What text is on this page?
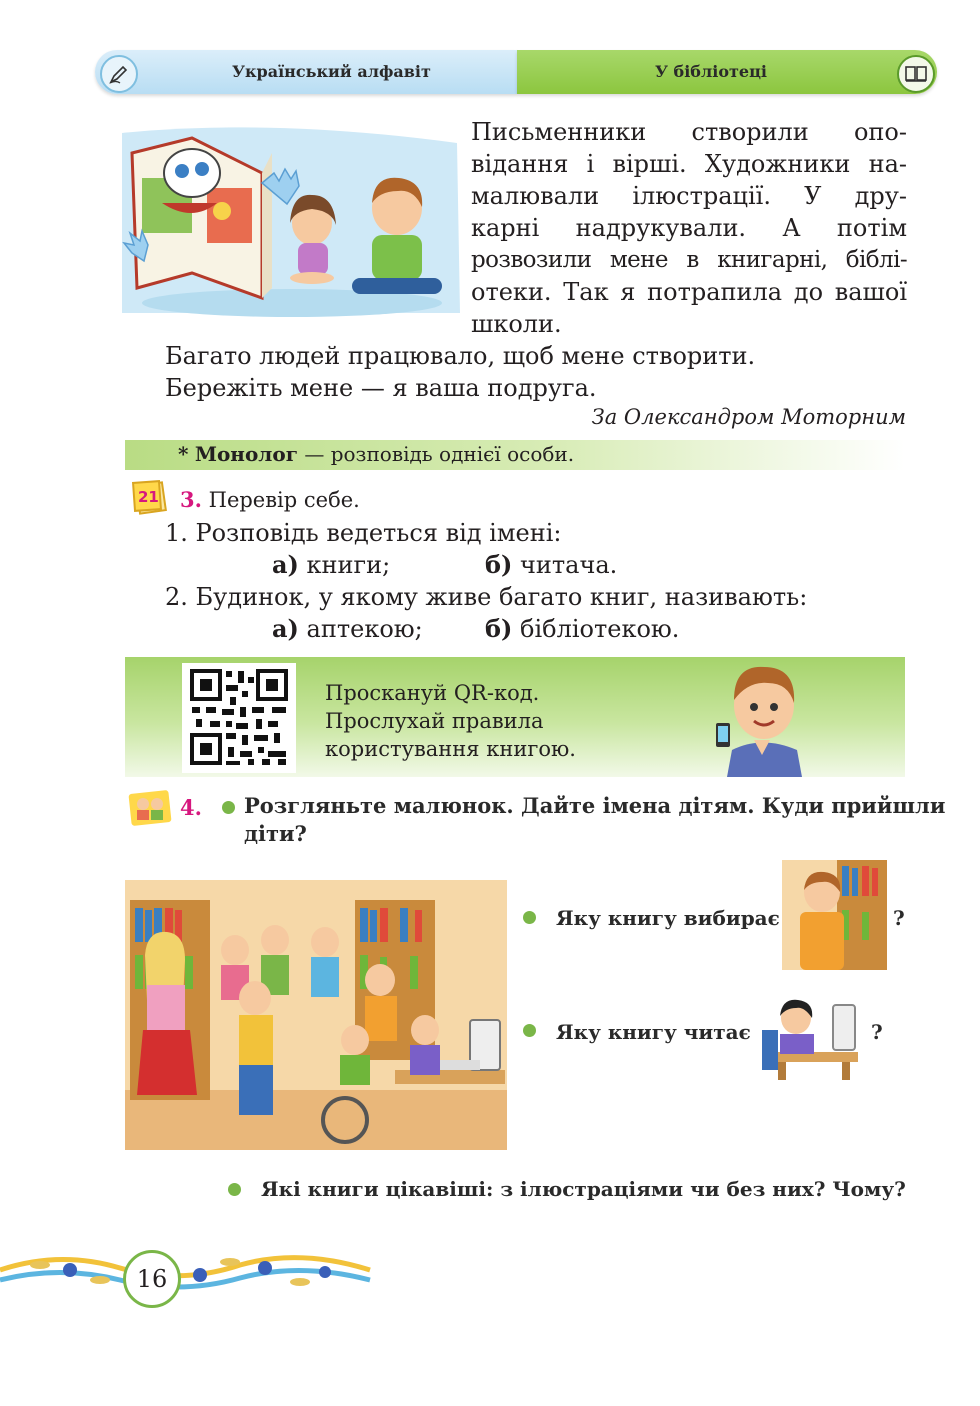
Український алфавіт	У бібліотеці
Письменники створили опо-
відання і вірші. Художники на-
малювали ілюстрації. У дру-
карні надрукували. А потім
розвозили мене в книгарні, біблі-
отеки. Так я потрапила до вашої
школи.
Багато людей працювало, щоб мене створити.
Бережіть мене — я ваша подруга.
За Олександром Моторним
* Монолог — розповідь однієї особи.
21 3. Перевір себе.
1. Розповідь ведеться від імені:
а) книги;	б) читача.
2. Будинок, у якому живе багато книг, називають:
а) аптекою;	б) бібліотекою.
Проскануй QR-код.
Прослухай правила
користування книгою.
4. Розгляньте малюнок. Дайте імена дітям. Куди прийшли
діти?
Яку книгу вибирає	?
Яку книгу читає	?
Які книги цікавіші: з ілюстраціями чи без них? Чому?
16
